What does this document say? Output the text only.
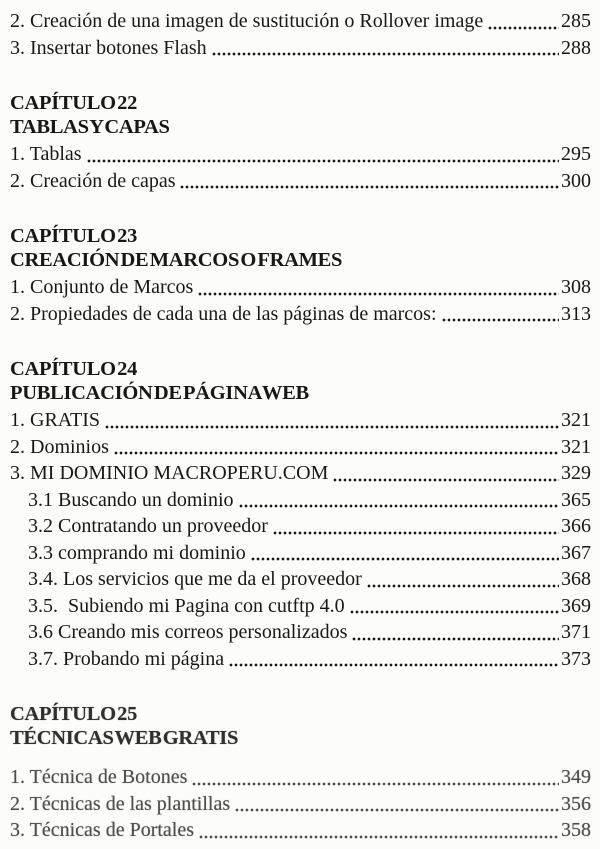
2. Creación de una imagen de sustitución o Rollover image	285
3. Insertar botones Flash	288
CAPÍTULO 22
TABLAS Y CAPAS
1. Tablas	295
2. Creación de capas	300
CAPÍTULO 23
CREACIÓN DE MARCOS O FRAMES
1. Conjunto de Marcos	308
2. Propiedades de cada una de las páginas de marcos:	313
CAPÍTULO 24
PUBLICACIÓN DE PÁGINA WEB
1. GRATIS	321
2. Dominios	321
3. MI DOMINIO MACROPERU.COM	329
3.1 Buscando un dominio	365
3.2 Contratando un proveedor	366
3.3 comprando mi dominio	367
3.4. Los servicios que me da el proveedor	368
3.5.  Subiendo mi Pagina con cutftp 4.0	369
3.6 Creando mis correos personalizados	371
3.7. Probando mi página	373
CAPÍTULO 25
TÉCNICAS WEB GRATIS
1. Técnica de Botones	349
2. Técnicas de las plantillas	356
3. Técnicas de Portales	358
